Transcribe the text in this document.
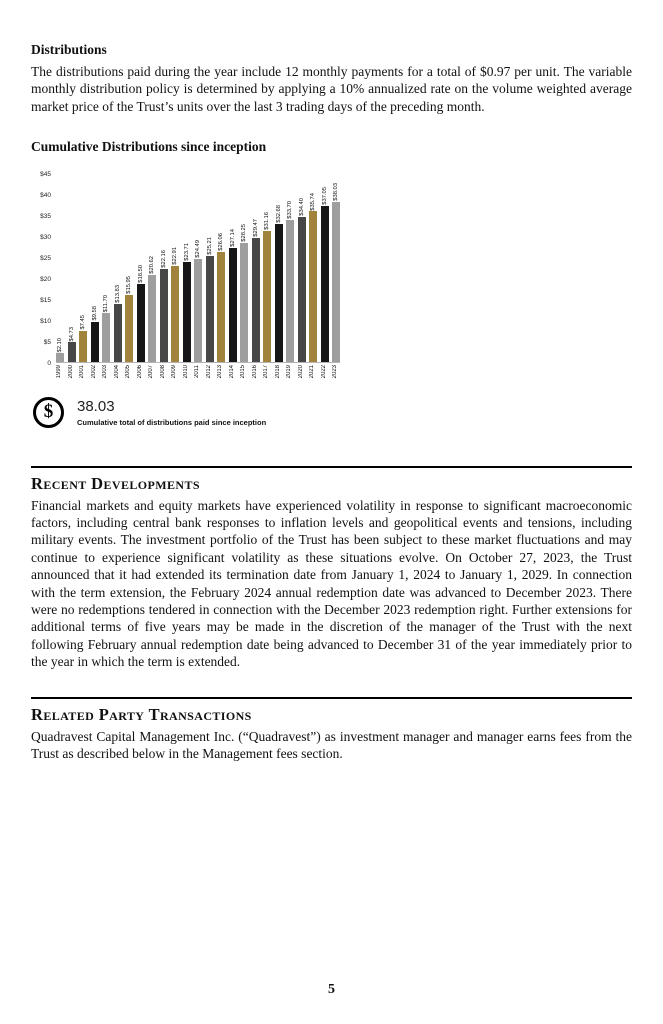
Distributions

The distributions paid during the year include 12 monthly payments for a total of $0.97 per unit. The variable monthly distribution policy is determined by applying a 10% annualized rate on the volume weighted average market price of the Trust’s units over the last 3 trading days of the preceding month.

Cumulative Distributions since inception
$45
$40
$35
$30
$25
$20
$15
$10
$5
0
$2.10
$4.73
$7.45
$9.58
$11.70
$13.83
$15.95
$18.50
$20.62 $22.16 $22.91 $23.71 $24.49 $25.21 $26.06 $27.14 $28.25 $29.47 $31.16 $32.68 $33.70 $34.40 $35.74 $37.05 $38.03
1999 2000 2001 2002 2003 2004 2005 2006 2007 2008 2009 2010 2011 2012 2013 2014 2015 2016 2017 2018 2019 2020 2021 2022 2023
$	38.03
Cumulative total of distributions paid since inception
Recent Developments

Financial markets and equity markets have experienced volatility in response to significant macroeconomic factors, including central bank responses to inflation levels and geopolitical events and tensions, including military events. The investment portfolio of the Trust has been subject to these market fluctuations and may continue to experience significant volatility as these situations evolve. On October 27, 2023, the Trust announced that it had extended its termination date from January 1, 2024 to January 1, 2029. In connection with the term extension, the February 2024 annual redemption date was advanced to December 2023. There were no redemptions tendered in connection with the December 2023 redemption right. Further extensions for additional terms of five years may be made in the discretion of the manager of the Trust with the next following February annual redemption date being advanced to December 31 of the year immediately prior to the year in which the term is extended.

Related Party Transactions

Quadravest Capital Management Inc. (“Quadravest”) as investment manager and manager earns fees from the Trust as described below in the Management fees section.

5
